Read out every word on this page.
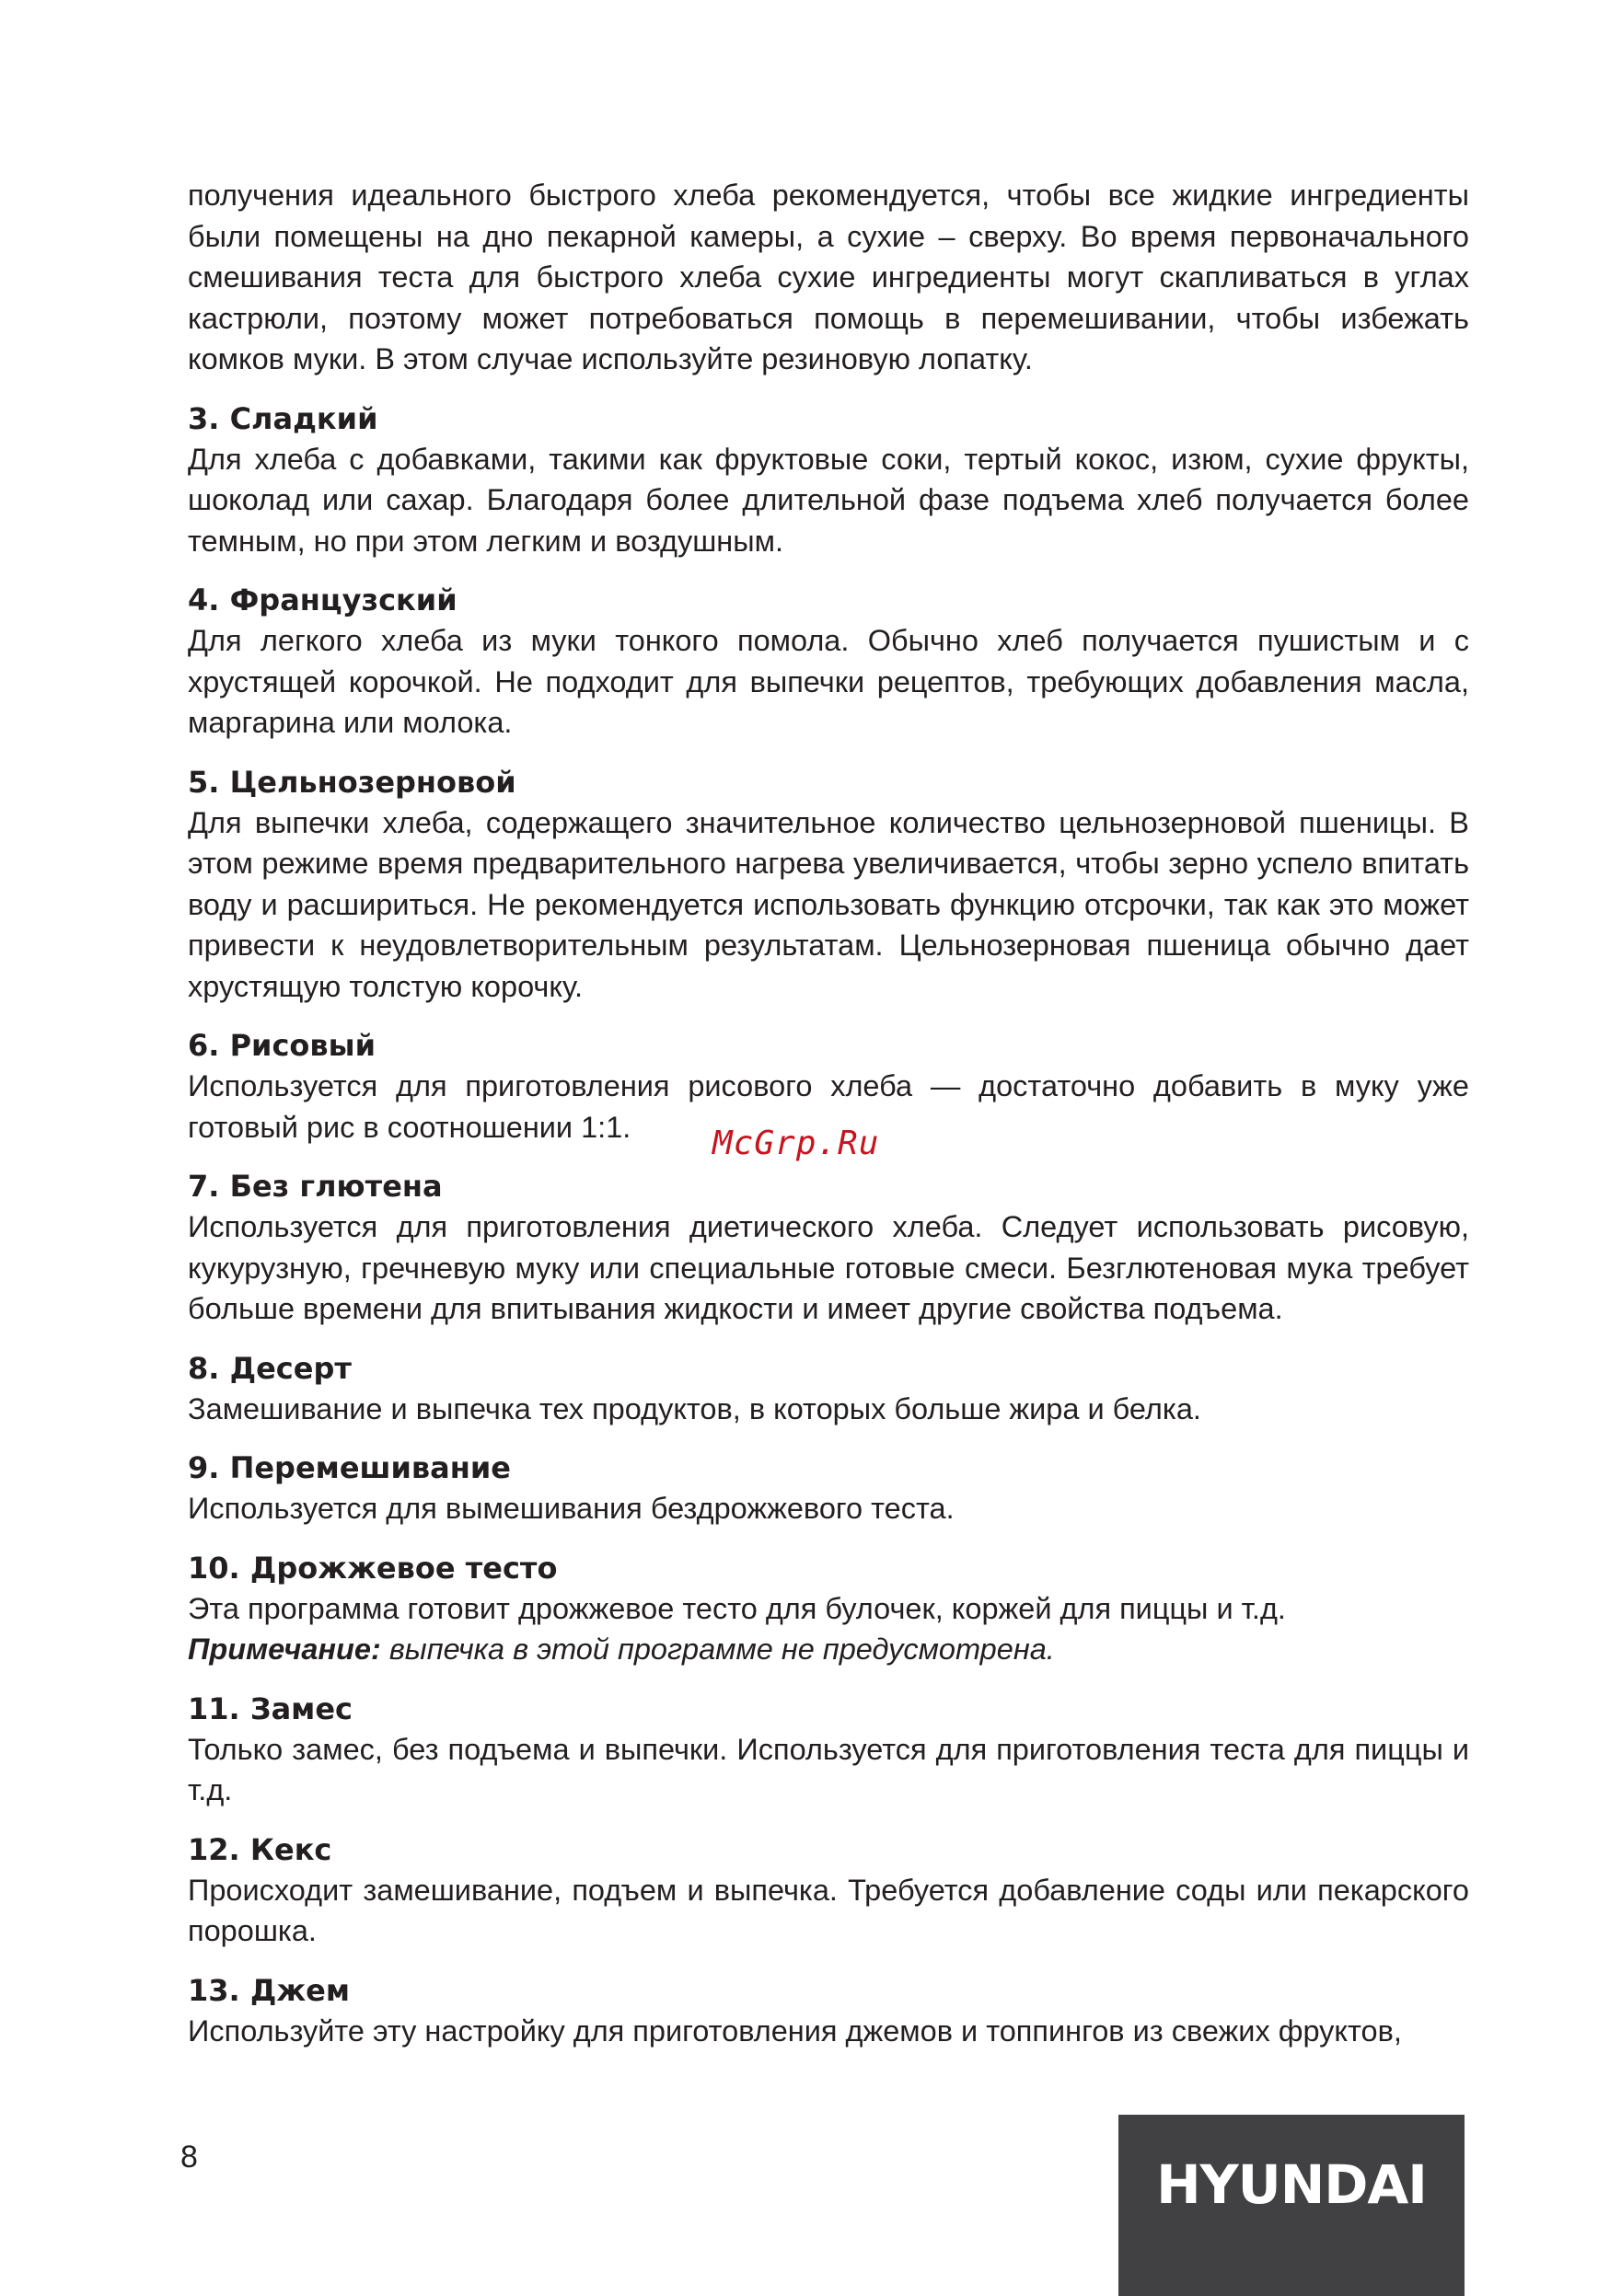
получения идеального быстрого хлеба рекомендуется, чтобы все жидкие ингредиенты были помещены на дно пекарной камеры, а сухие – сверху. Во время первоначального смешивания теста для быстрого хлеба сухие ингредиенты могут скапливаться в углах кастрюли, поэтому может потребоваться помощь в перемешивании, чтобы избежать комков муки. В этом случае используйте резиновую лопатку.

3. Сладкий

Для хлеба с добавками, такими как фруктовые соки, тертый кокос, изюм, сухие фрукты, шоколад или сахар. Благодаря более длительной фазе подъема хлеб получается более темным, но при этом легким и воздушным.

4. Французский

Для легкого хлеба из муки тонкого помола. Обычно хлеб получается пушистым и с хрустящей корочкой. Не подходит для выпечки рецептов, требующих добавления масла, маргарина или молока.

5. Цельнозерновой

Для выпечки хлеба, содержащего значительное количество цельнозерновой пшеницы. В этом режиме время предварительного нагрева увеличивается, чтобы зерно успело впитать воду и расшириться. Не рекомендуется использовать функцию отсрочки, так как это может привести к неудовлетворительным результатам. Цельнозерновая пшеница обычно дает хрустящую толстую корочку.

6. Рисовый

Используется для приготовления рисового хлеба — достаточно добавить в муку уже готовый рис в соотношении 1:1.

7. Без глютена

Используется для приготовления диетического хлеба. Следует использовать рисовую, кукурузную, гречневую муку или специальные готовые смеси. Безглютеновая мука требует больше времени для впитывания жидкости и имеет другие свойства подъема.

8. Десерт

Замешивание и выпечка тех продуктов, в которых больше жира и белка.

9. Перемешивание

Используется для вымешивания бездрожжевого теста.

10. Дрожжевое тесто

Эта программа готовит дрожжевое тесто для булочек, коржей для пиццы и т.д.

Примечание: выпечка в этой программе не предусмотрена.

11. Замес

Только замес, без подъема и выпечки. Используется для приготовления теста для пиццы и т.д.

12. Кекс

Происходит замешивание, подъем и выпечка. Требуется добавление соды или пекарского порошка.

13. Джем

Используйте эту настройку для приготовления джемов и топпингов из свежих фруктов,

McGrp.Ru
8	HYUNDAI
